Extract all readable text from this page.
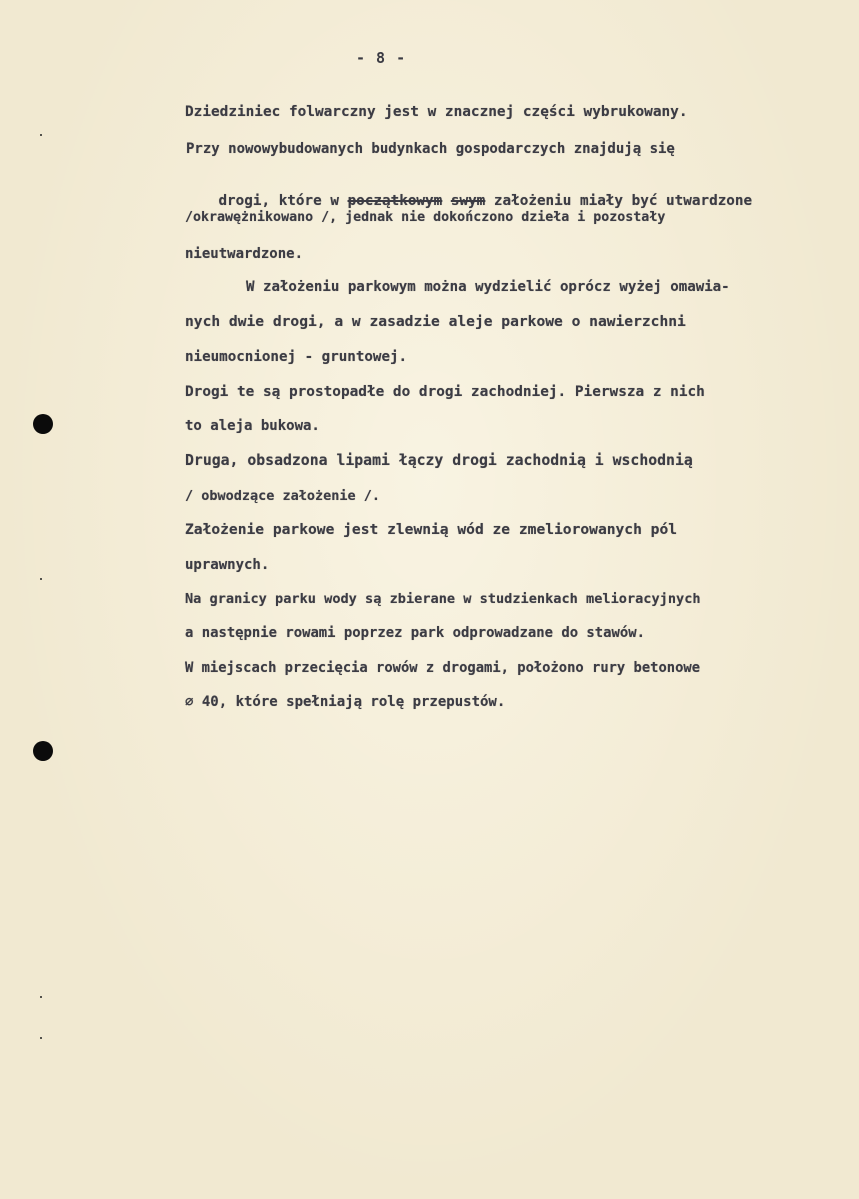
- 8 -
Dziedziniec folwarczny jest w znacznej części wybrukowany.
Przy nowowybudowanych budynkach gospodarczych znajdują się

drogi, które w początkowym swym założeniu miały być utwardzone

/okrawężnikowano /, jednak nie dokończono dzieła i pozostały
nieutwardzone.
W założeniu parkowym można wydzielić oprócz wyżej omawia-
nych dwie drogi, a w zasadzie aleje parkowe o nawierzchni
nieumocnionej - gruntowej.
Drogi te są prostopadłe do drogi zachodniej. Pierwsza z nich
to aleja bukowa.
Druga, obsadzona lipami łączy drogi zachodnią i wschodnią
/ obwodzące założenie /.
Założenie parkowe jest zlewnią wód ze zmeliorowanych pól
uprawnych.
Na granicy parku wody są zbierane w studzienkach melioracyjnych
a następnie rowami poprzez park odprowadzane do stawów.
W miejscach przecięcia rowów z drogami, położono rury betonowe
∅ 40, które spełniają rolę przepustów.
